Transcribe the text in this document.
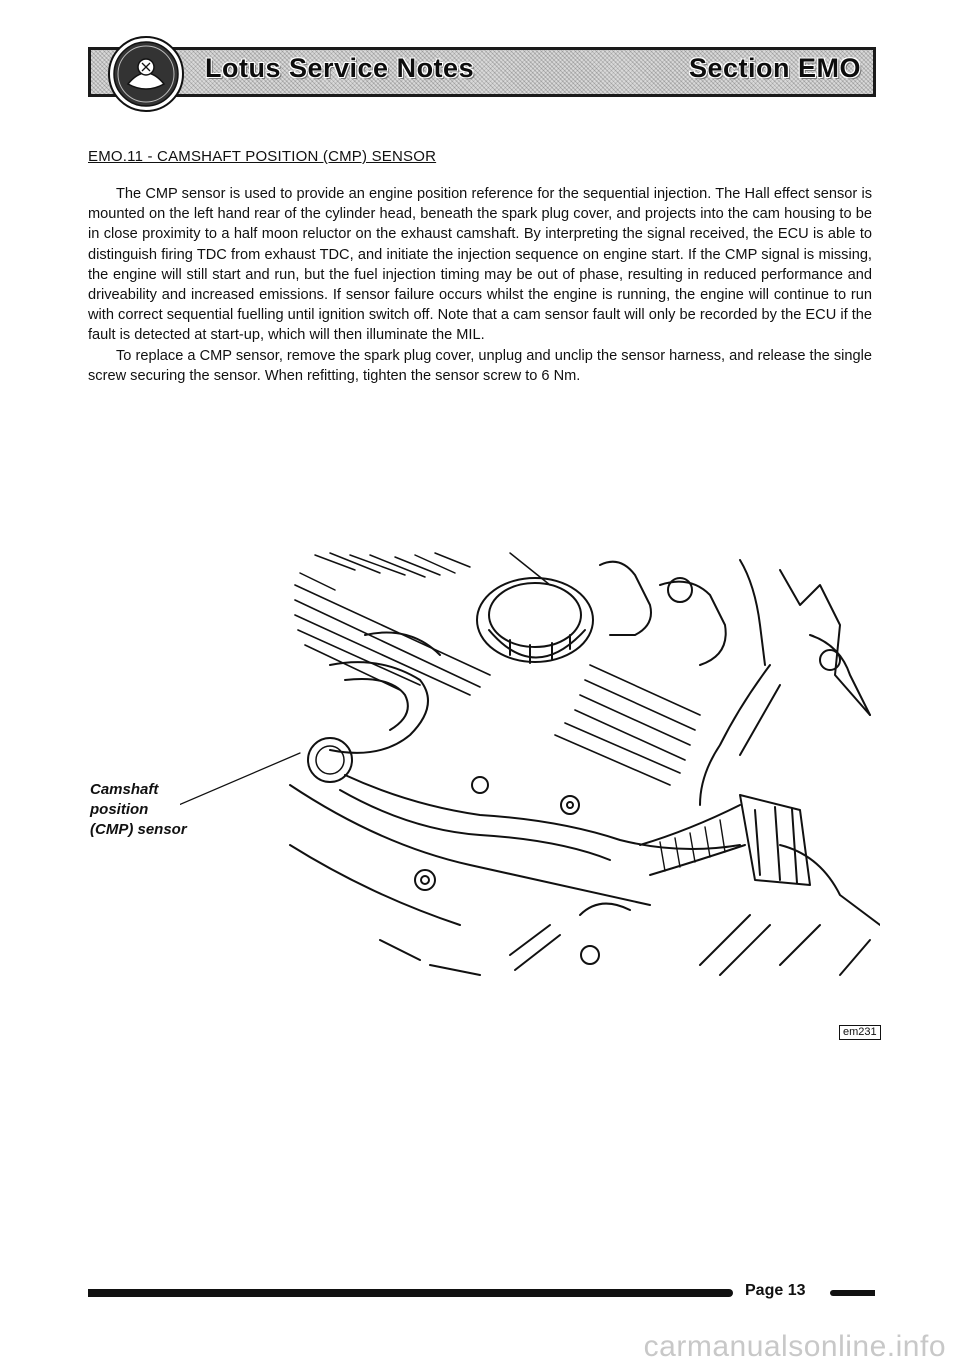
Lotus Service Notes	Section EMO
EMO.11 - CAMSHAFT POSITION (CMP) SENSOR

The CMP sensor is used to provide an engine position reference for the sequential injection. The Hall effect sensor is mounted on the left hand rear of the cylinder head, beneath the spark plug cover, and projects into the cam housing to be in close proximity to a half moon reluctor on the exhaust camshaft. By interpreting the signal received, the ECU is able to distinguish firing TDC from exhaust TDC, and initiate the injection sequence on engine start. If the CMP signal is missing, the engine will still start and run, but the fuel injection timing may be out of phase, resulting in reduced performance and driveability and increased emissions. If sensor failure occurs whilst the engine is running, the engine will continue to run with correct sequential fuelling until ignition switch off. Note that a cam sensor fault will only be recorded by the ECU if the fault is detected at start-up, which will then illuminate the MIL.

To replace a CMP sensor, remove the spark plug cover, unplug and unclip the sensor harness, and release the single screw securing the sensor. When refitting, tighten the sensor screw to 6 Nm.

Camshaft
position
(CMP) sensor
em231
Page 13
carmanualsonline.info
